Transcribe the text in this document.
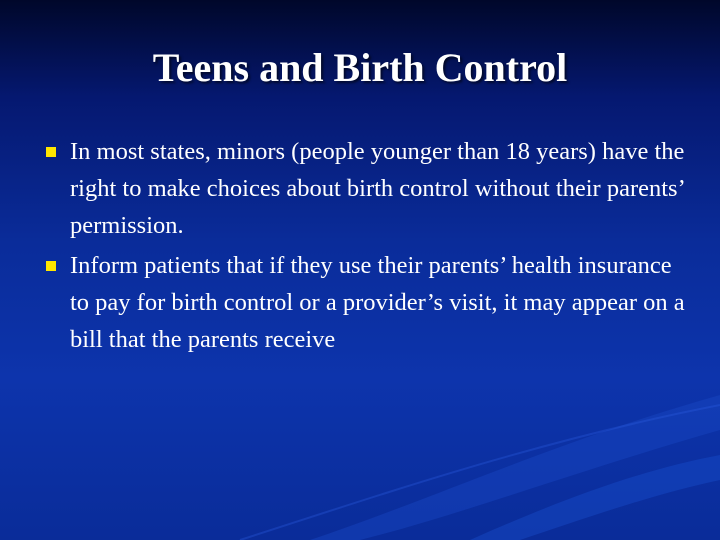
Teens and Birth Control
In most states, minors (people younger than 18 years) have the right to make choices about birth control without their parents’ permission.
Inform patients that if they use their parents’ health insurance to pay for birth control or a provider’s visit, it may appear on a bill that the parents receive
